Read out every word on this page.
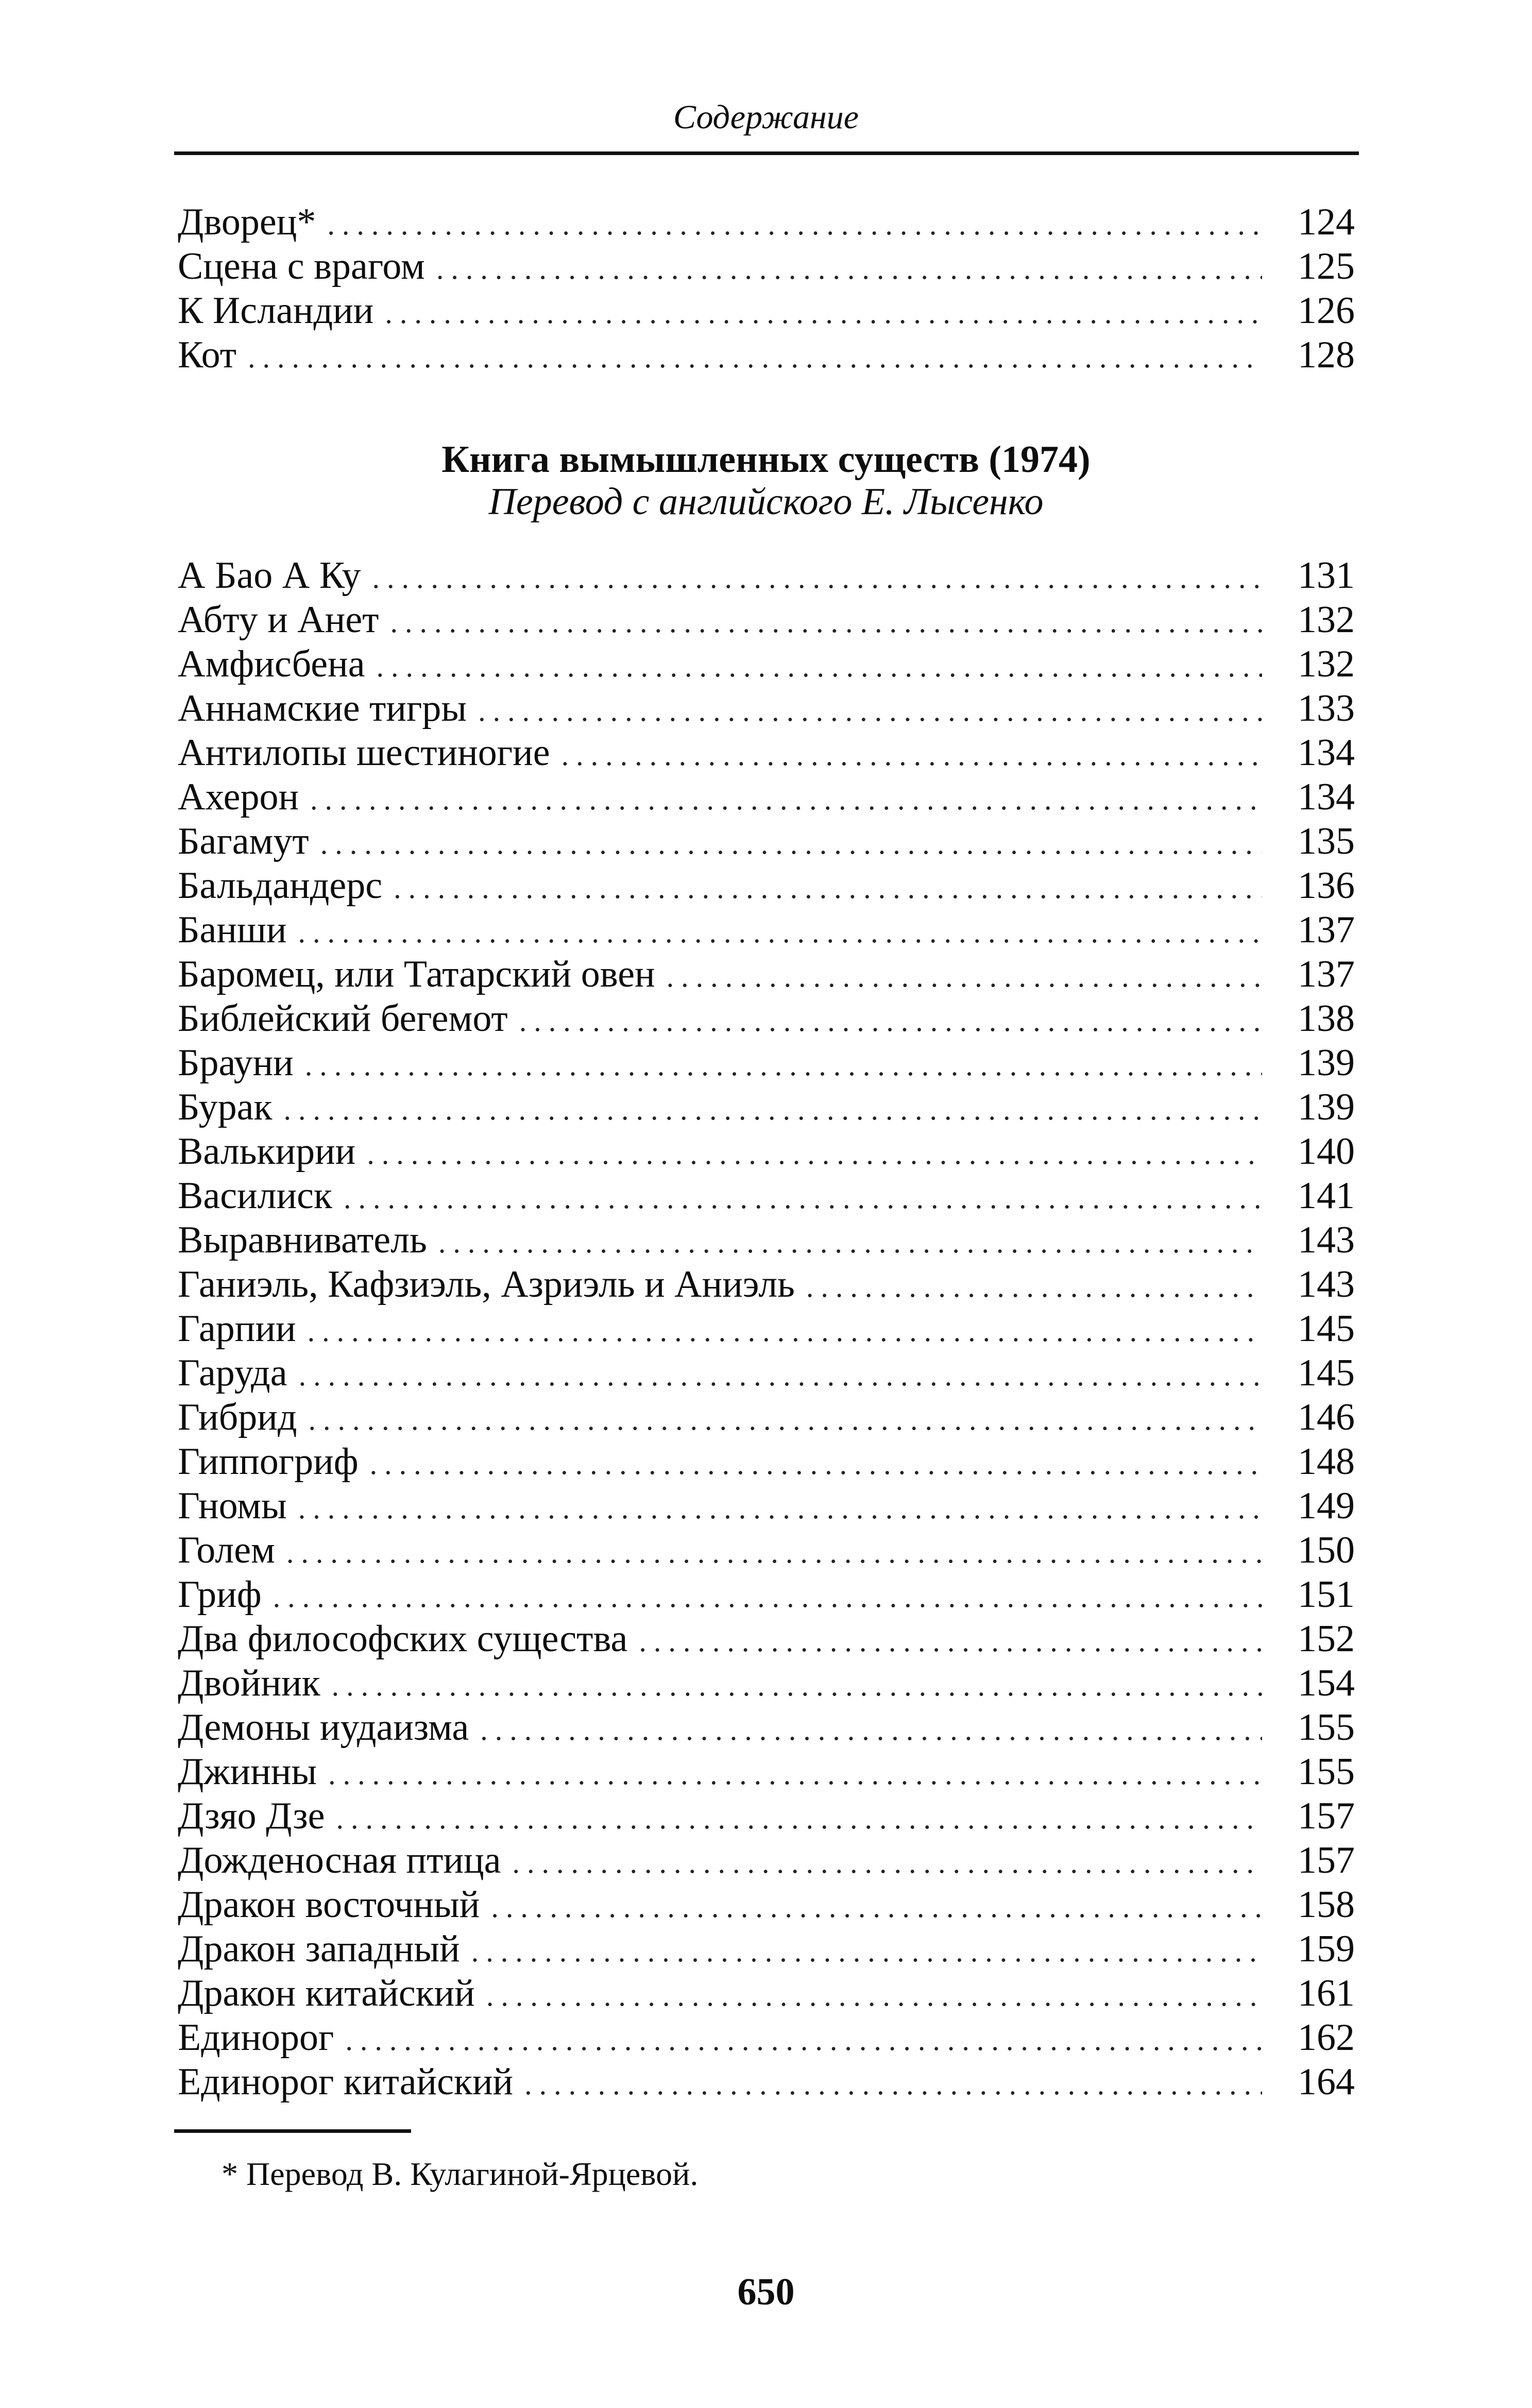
Содержание
Дворец* .....	124
Сцена с врагом .....	125
К Исландии .....	126
Кот .....	128
Книга вымышленных существ (1974)
Перевод с английского Е. Лысенко
А Бао А Ку .....	131
Абту и Анет .....	132
Амфисбена .....	132
Аннамские тигры .....	133
Антилопы шестиногие .....	134
Ахерон .....	134
Багамут .....	135
Бальдандерс .....	136
Банши .....	137
Баромец, или Татарский овен .....	137
Библейский бегемот .....	138
Брауни .....	139
Бурак .....	139
Валькирии .....	140
Василиск .....	141
Выравниватель .....	143
Ганиэль, Кафзиэль, Азриэль и Аниэль .....	143
Гарпии .....	145
Гаруда .....	145
Гибрид .....	146
Гиппогриф .....	148
Гномы .....	149
Голем .....	150
Гриф .....	151
Два философских существа .....	152
Двойник .....	154
Демоны иудаизма .....	155
Джинны .....	155
Дзяо Дзе .....	157
Дожденосная птица .....	157
Дракон восточный .....	158
Дракон западный .....	159
Дракон китайский .....	161
Единорог .....	162
Единорог китайский .....	164
* Перевод В. Кулагиной-Ярцевой.
650
